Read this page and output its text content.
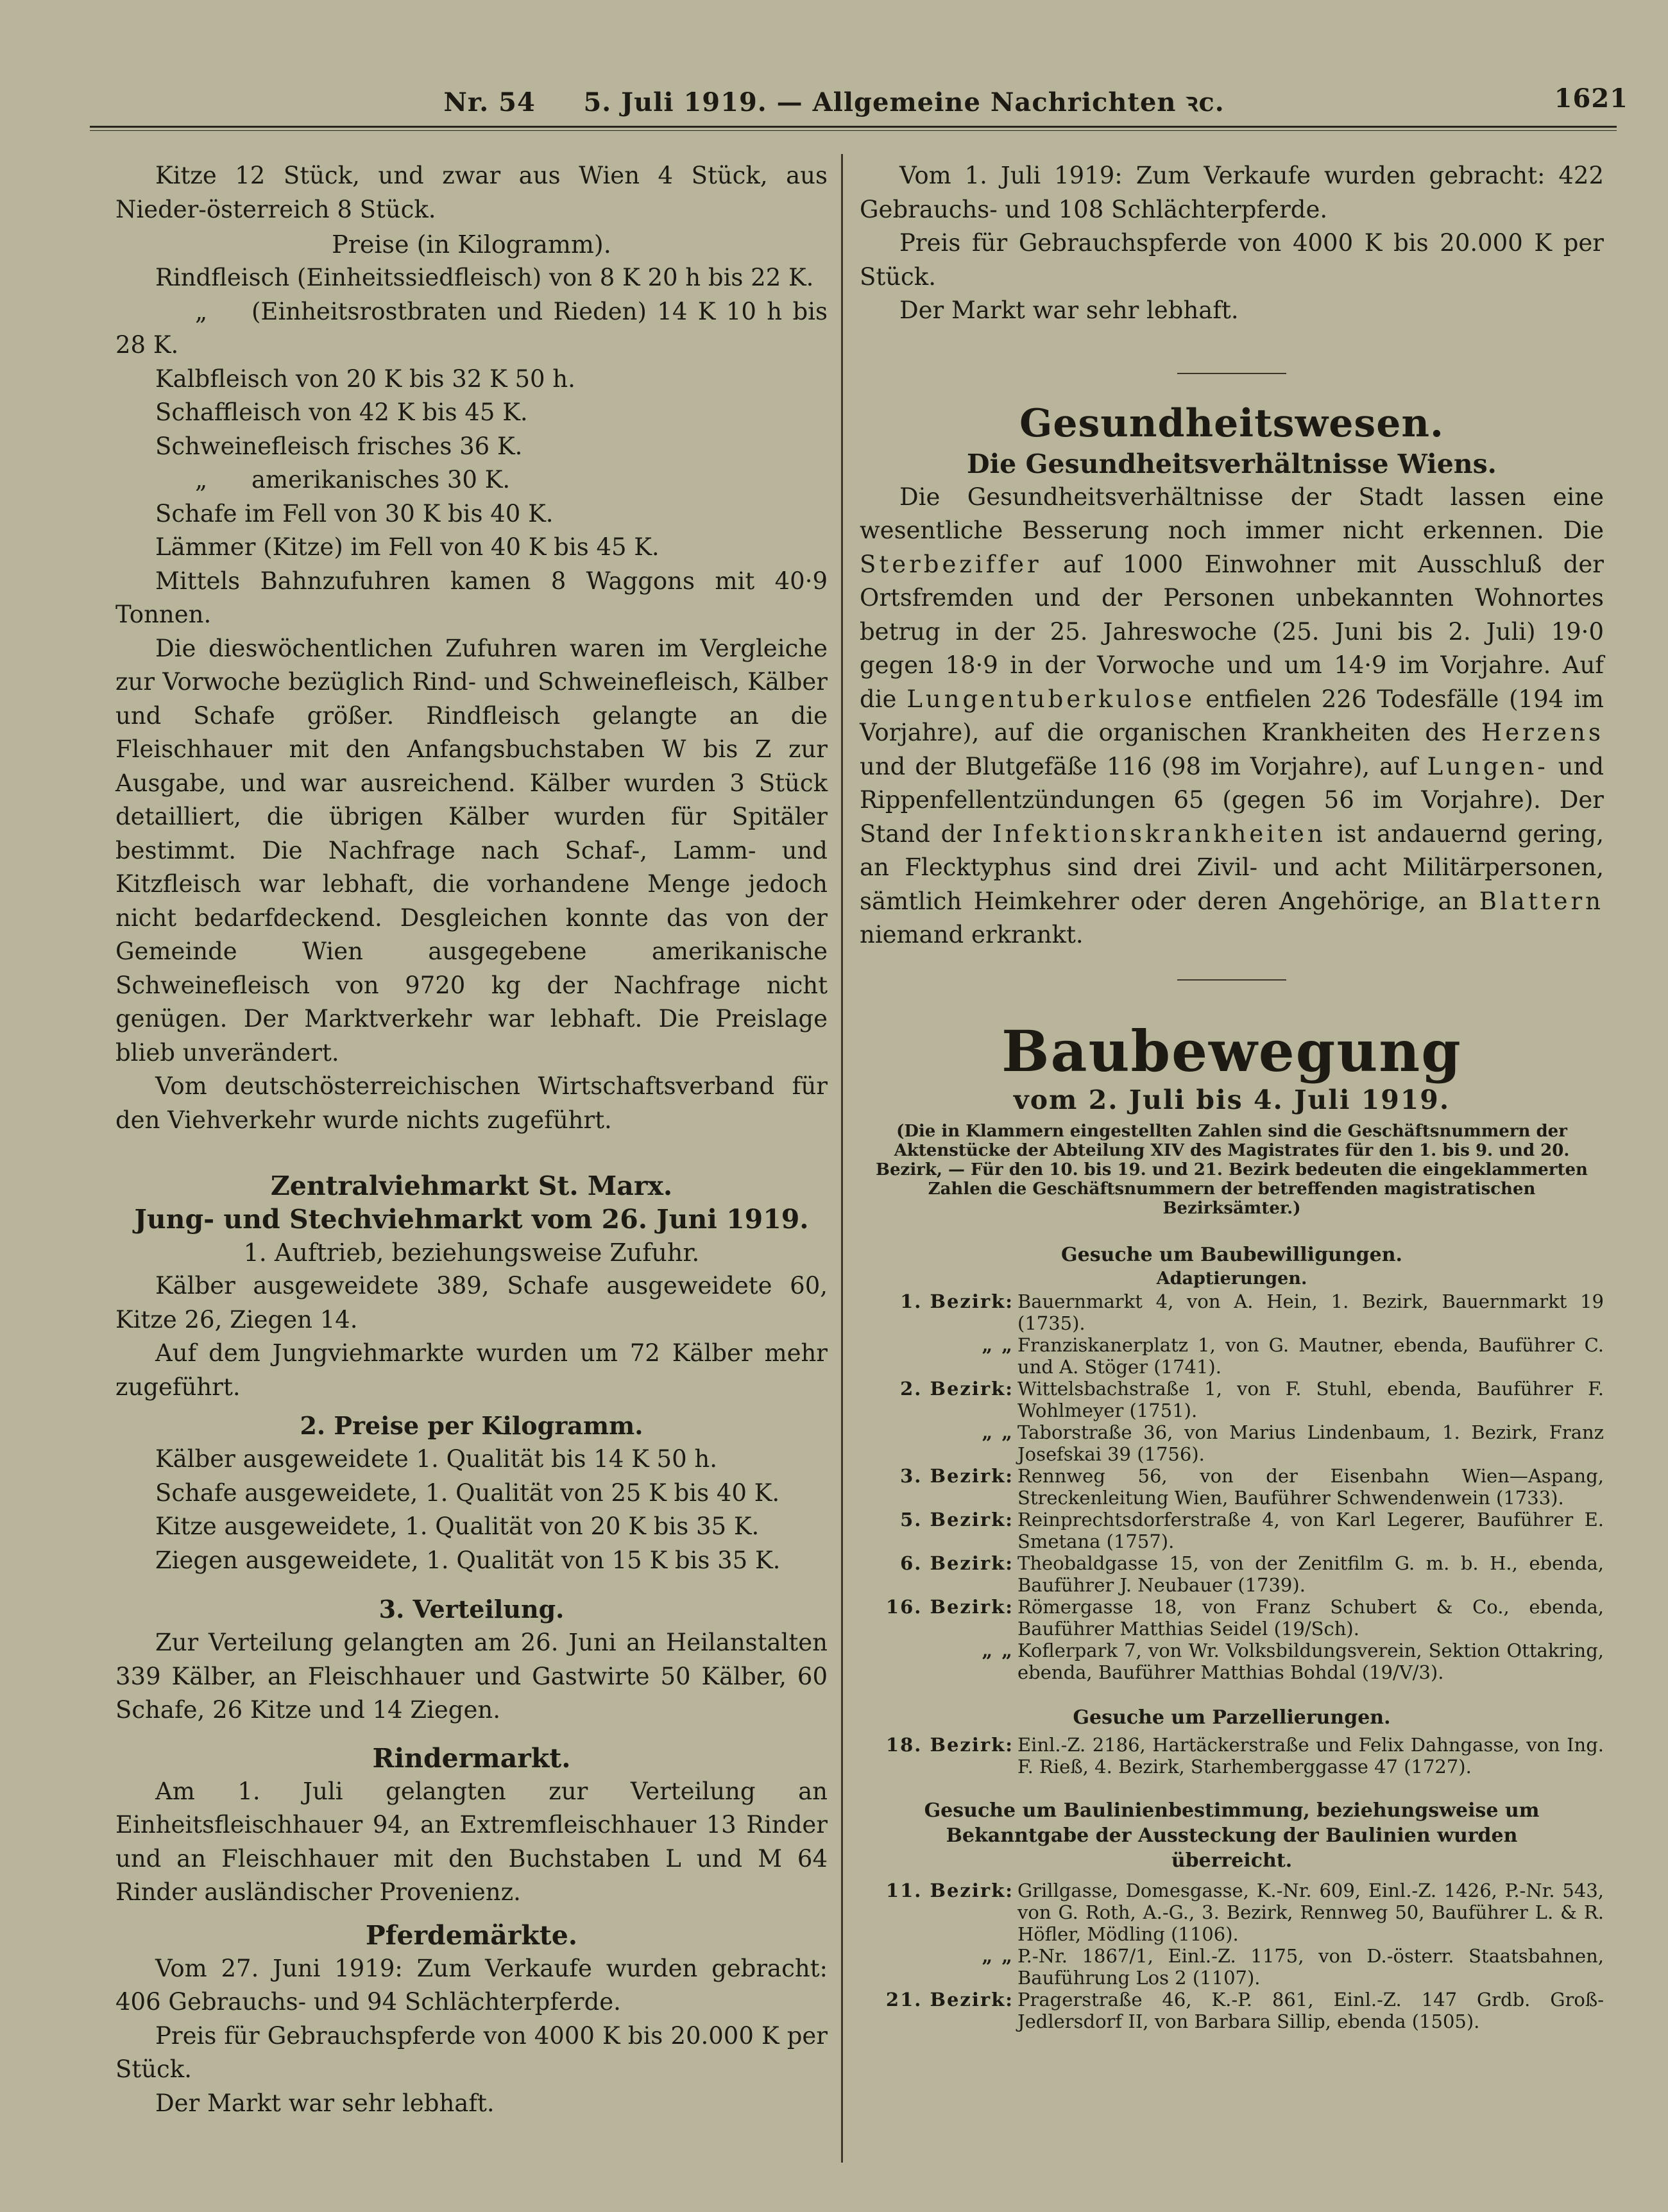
Nr. 54 5. Juli 1919. — Allgemeine Nachrichten ꝛc.	1621

Kitze 12 Stück, und zwar aus Wien 4 Stück, aus Nieder-österreich 8 Stück.

Preise (in Kilogramm).

Rindfleisch (Einheitssiedfleisch) von 8 K 20 h bis 22 K.

„ (Einheitsrostbraten und Rieden) 14 K 10 h bis 28 K.

Kalbfleisch von 20 K bis 32 K 50 h.

Schaffleisch von 42 K bis 45 K.

Schweinefleisch frisches 36 K.

„ amerikanisches 30 K.

Schafe im Fell von 30 K bis 40 K.

Lämmer (Kitze) im Fell von 40 K bis 45 K.

Mittels Bahnzufuhren kamen 8 Waggons mit 40·9 Tonnen.

Die dieswöchentlichen Zufuhren waren im Vergleiche zur Vorwoche bezüglich Rind- und Schweinefleisch, Kälber und Schafe größer. Rindfleisch gelangte an die Fleischhauer mit den Anfangsbuchstaben W bis Z zur Ausgabe, und war ausreichend. Kälber wurden 3 Stück detailliert, die übrigen Kälber wurden für Spitäler bestimmt. Die Nachfrage nach Schaf-, Lamm- und Kitzfleisch war lebhaft, die vorhandene Menge jedoch nicht bedarfdeckend. Desgleichen konnte das von der Gemeinde Wien ausgegebene amerikanische Schweinefleisch von 9720 kg der Nachfrage nicht genügen. Der Marktverkehr war lebhaft. Die Preislage blieb unverändert.

Vom deutschösterreichischen Wirtschaftsverband für den Viehverkehr wurde nichts zugeführt.

Zentralviehmarkt St. Marx.

Jung- und Stechviehmarkt vom 26. Juni 1919.

1. Auftrieb, beziehungsweise Zufuhr.

Kälber ausgeweidete 389, Schafe ausgeweidete 60, Kitze 26, Ziegen 14.

Auf dem Jungviehmarkte wurden um 72 Kälber mehr zugeführt.

2. Preise per Kilogramm.

Kälber ausgeweidete 1. Qualität bis 14 K 50 h.

Schafe ausgeweidete, 1. Qualität von 25 K bis 40 K.

Kitze ausgeweidete, 1. Qualität von 20 K bis 35 K.

Ziegen ausgeweidete, 1. Qualität von 15 K bis 35 K.

3. Verteilung.

Zur Verteilung gelangten am 26. Juni an Heilanstalten 339 Kälber, an Fleischhauer und Gastwirte 50 Kälber, 60 Schafe, 26 Kitze und 14 Ziegen.

Rindermarkt.

Am 1. Juli gelangten zur Verteilung an Einheitsfleischhauer 94, an Extremfleischhauer 13 Rinder und an Fleischhauer mit den Buchstaben L und M 64 Rinder ausländischer Provenienz.

Pferdemärkte.

Vom 27. Juni 1919: Zum Verkaufe wurden gebracht: 406 Gebrauchs- und 94 Schlächterpferde.

Preis für Gebrauchspferde von 4000 K bis 20.000 K per Stück.

Der Markt war sehr lebhaft.

Vom 1. Juli 1919: Zum Verkaufe wurden gebracht: 422 Gebrauchs- und 108 Schlächterpferde.

Preis für Gebrauchspferde von 4000 K bis 20.000 K per Stück.

Der Markt war sehr lebhaft.

Gesundheitswesen.

Die Gesundheitsverhältnisse Wiens.

Die Gesundheitsverhältnisse der Stadt lassen eine wesentliche Besserung noch immer nicht erkennen. Die Sterbeziffer auf 1000 Einwohner mit Ausschluß der Ortsfremden und der Personen unbekannten Wohnortes betrug in der 25. Jahreswoche (25. Juni bis 2. Juli) 19·0 gegen 18·9 in der Vorwoche und um 14·9 im Vorjahre. Auf die Lungentuberkulose entfielen 226 Todesfälle (194 im Vorjahre), auf die organischen Krankheiten des Herzens und der Blutgefäße 116 (98 im Vorjahre), auf Lungen- und Rippenfellentzündungen 65 (gegen 56 im Vorjahre). Der Stand der Infektionskrankheiten ist andauernd gering, an Flecktyphus sind drei Zivil- und acht Militärpersonen, sämtlich Heimkehrer oder deren Angehörige, an Blattern niemand erkrankt.

Baubewegung

vom 2. Juli bis 4. Juli 1919.

(Die in Klammern eingestellten Zahlen sind die Geschäftsnummern der Aktenstücke der Abteilung XIV des Magistrates für den 1. bis 9. und 20. Bezirk, — Für den 10. bis 19. und 21. Bezirk bedeuten die eingeklammerten Zahlen die Geschäftsnummern der betreffenden magistratischen Bezirksämter.)

Gesuche um Baubewilligungen.

Adaptierungen.

1. Bezirk: Bauernmarkt 4, von A. Hein, 1. Bezirk, Bauernmarkt 19 (1735).
„ „ Franziskanerplatz 1, von G. Mautner, ebenda, Bauführer C. und A. Stöger (1741).
2. Bezirk: Wittelsbachstraße 1, von F. Stuhl, ebenda, Bauführer F. Wohlmeyer (1751).
„ „ Taborstraße 36, von Marius Lindenbaum, 1. Bezirk, Franz Josefskai 39 (1756).
3. Bezirk: Rennweg 56, von der Eisenbahn Wien—Aspang, Streckenleitung Wien, Bauführer Schwendenwein (1733).
5. Bezirk: Reinprechtsdorferstraße 4, von Karl Legerer, Bauführer E. Smetana (1757).
6. Bezirk: Theobaldgasse 15, von der Zenitfilm G. m. b. H., ebenda, Bauführer J. Neubauer (1739).
16. Bezirk: Römergasse 18, von Franz Schubert & Co., ebenda, Bauführer Matthias Seidel (19/Sch).
„ „ Koflerpark 7, von Wr. Volksbildungsverein, Sektion Ottakring, ebenda, Bauführer Matthias Bohdal (19/V/3).

Gesuche um Parzellierungen.

18. Bezirk: Einl.-Z. 2186, Hartäckerstraße und Felix Dahngasse, von Ing. F. Rieß, 4. Bezirk, Starhemberggasse 47 (1727).

Gesuche um Baulinienbestimmung, beziehungsweise um Bekanntgabe der Aussteckung der Baulinien wurden überreicht.

11. Bezirk: Grillgasse, Domesgasse, K.-Nr. 609, Einl.-Z. 1426, P.-Nr. 543, von G. Roth, A.-G., 3. Bezirk, Rennweg 50, Bauführer L. & R. Höfler, Mödling (1106).
„ „ P.-Nr. 1867/1, Einl.-Z. 1175, von D.-österr. Staatsbahnen, Bauführung Los 2 (1107).
21. Bezirk: Pragerstraße 46, K.-P. 861, Einl.-Z. 147 Grdb. Groß-Jedlersdorf II, von Barbara Sillip, ebenda (1505).
